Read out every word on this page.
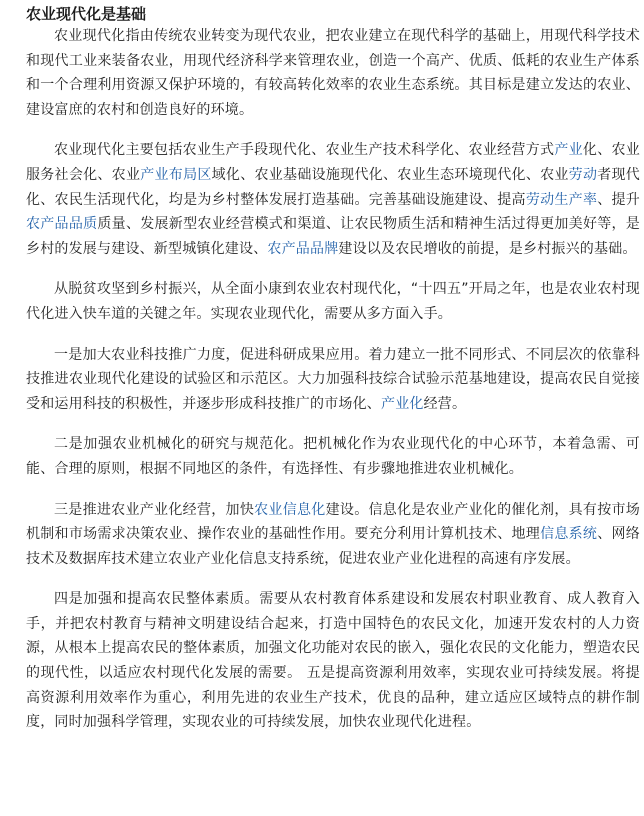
农业现代化是基础

农业现代化指由传统农业转变为现代农业，把农业建立在现代科学的基础上，用现代科学技术和现代工业来装备农业，用现代经济科学来管理农业，创造一个高产、优质、低耗的农业生产体系和一个合理利用资源又保护环境的，有较高转化效率的农业生态系统。其目标是建立发达的农业、建设富庶的农村和创造良好的环境。

农业现代化主要包括农业生产手段现代化、农业生产技术科学化、农业经营方式产业化、农业服务社会化、农业产业布局区域化、农业基础设施现代化、农业生态环境现代化、农业劳动者现代化、农民生活现代化，均是为乡村整体发展打造基础。完善基础设施建设、提高劳动生产率、提升农产品品质质量、发展新型农业经营模式和渠道、让农民物质生活和精神生活过得更加美好等，是乡村的发展与建设、新型城镇化建设、农产品品牌建设以及农民增收的前提，是乡村振兴的基础。

从脱贫攻坚到乡村振兴，从全面小康到农业农村现代化，“十四五”开局之年，也是农业农村现代化进入快车道的关键之年。实现农业现代化，需要从多方面入手。

一是加大农业科技推广力度，促进科研成果应用。着力建立一批不同形式、不同层次的依靠科技推进农业现代化建设的试验区和示范区。大力加强科技综合试验示范基地建设，提高农民自觉接受和运用科技的积极性，并逐步形成科技推广的市场化、产业化经营。

二是加强农业机械化的研究与规范化。把机械化作为农业现代化的中心环节，本着急需、可能、合理的原则，根据不同地区的条件，有选择性、有步骤地推进农业机械化。

三是推进农业产业化经营，加快农业信息化建设。信息化是农业产业化的催化剂，具有按市场机制和市场需求决策农业、操作农业的基础性作用。要充分利用计算机技术、地理信息系统、网络技术及数据库技术建立农业产业化信息支持系统，促进农业产业化进程的高速有序发展。

四是加强和提高农民整体素质。需要从农村教育体系建设和发展农村职业教育、成人教育入手，并把农村教育与精神文明建设结合起来，打造中国特色的农民文化，加速开发农村的人力资源，从根本上提高农民的整体素质，加强文化功能对农民的嵌入，强化农民的文化能力，塑造农民的现代性，以适应农村现代化发展的需要。 五是提高资源利用效率，实现农业可持续发展。将提高资源利用效率作为重心，利用先进的农业生产技术，优良的品种，建立适应区域特点的耕作制度，同时加强科学管理，实现农业的可持续发展，加快农业现代化进程。
